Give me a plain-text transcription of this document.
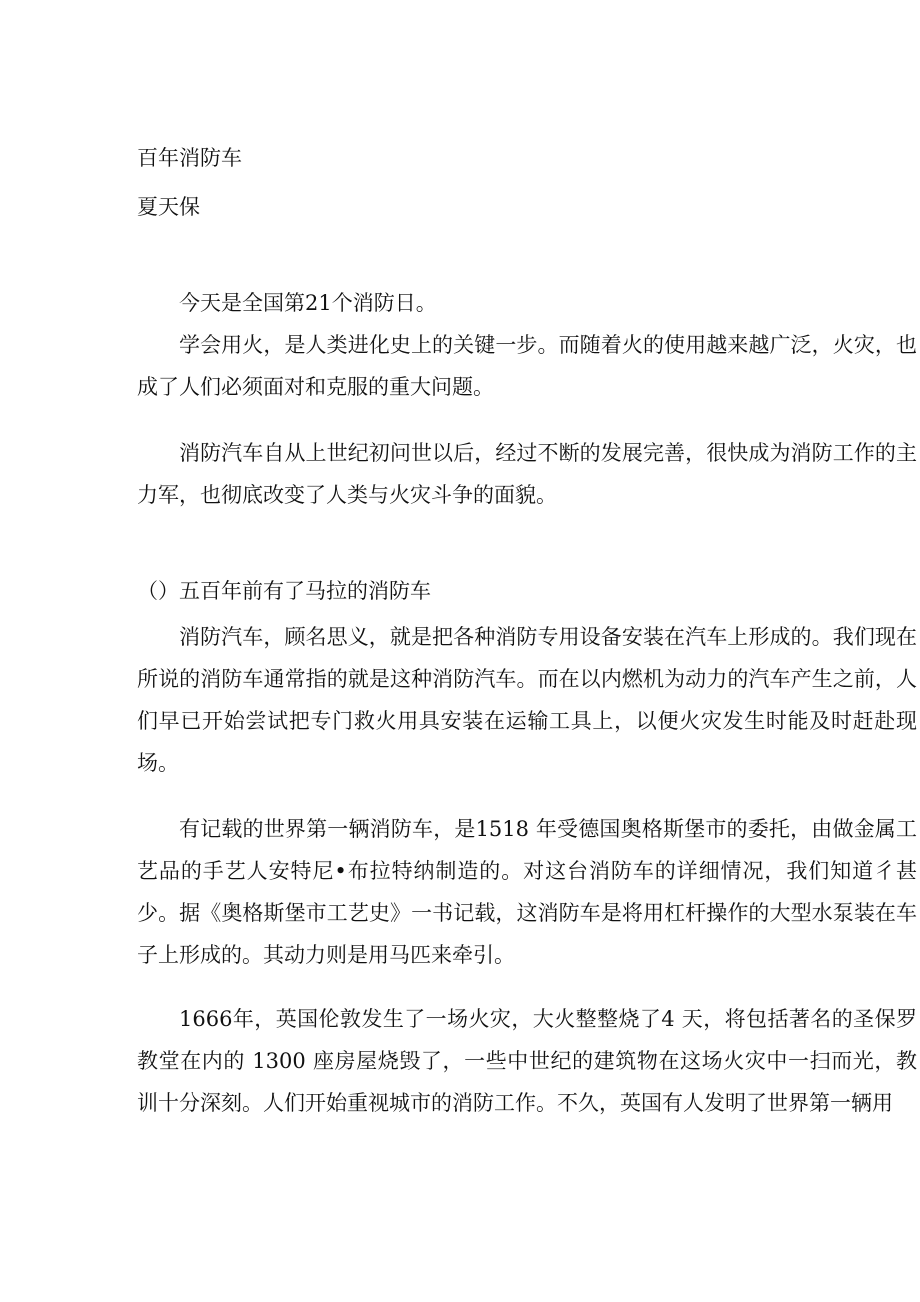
百年消防车
夏天保

今天是全国第21个消防日。

学会用火，是人类进化史上的关键一步。而随着火的使用越来越广泛，火灾，也成了人们必须面对和克服的重大问题。

消防汽车自从上世纪初问世以后，经过不断的发展完善，很快成为消防工作的主力军，也彻底改变了人类与火灾斗争的面貌。

（）五百年前有了马拉的消防车

消防汽车，顾名思义，就是把各种消防专用设备安装在汽车上形成的。我们现在所说的消防车通常指的就是这种消防汽车。而在以内燃机为动力的汽车产生之前，人们早已开始尝试把专门救火用具安装在运输工具上，以便火灾发生时能及时赶赴现场。

有记载的世界第一辆消防车，是1518 年受德国奥格斯堡市的委托，由做金属工艺品的手艺人安特尼•布拉特纳制造的。对这台消防车的详细情况，我们知道彳甚少。据《奥格斯堡市工艺史》一书记载，这消防车是将用杠杆操作的大型水泵装在车子上形成的。其动力则是用马匹来牵引。

1666年，英国伦敦发生了一场火灾，大火整整烧了4 天，将包括著名的圣保罗教堂在内的 1300 座房屋烧毁了，一些中世纪的建筑物在这场火灾中一扫而光，教训十分深刻。人们开始重视城市的消防工作。不久，英国有人发明了世界第一辆用
